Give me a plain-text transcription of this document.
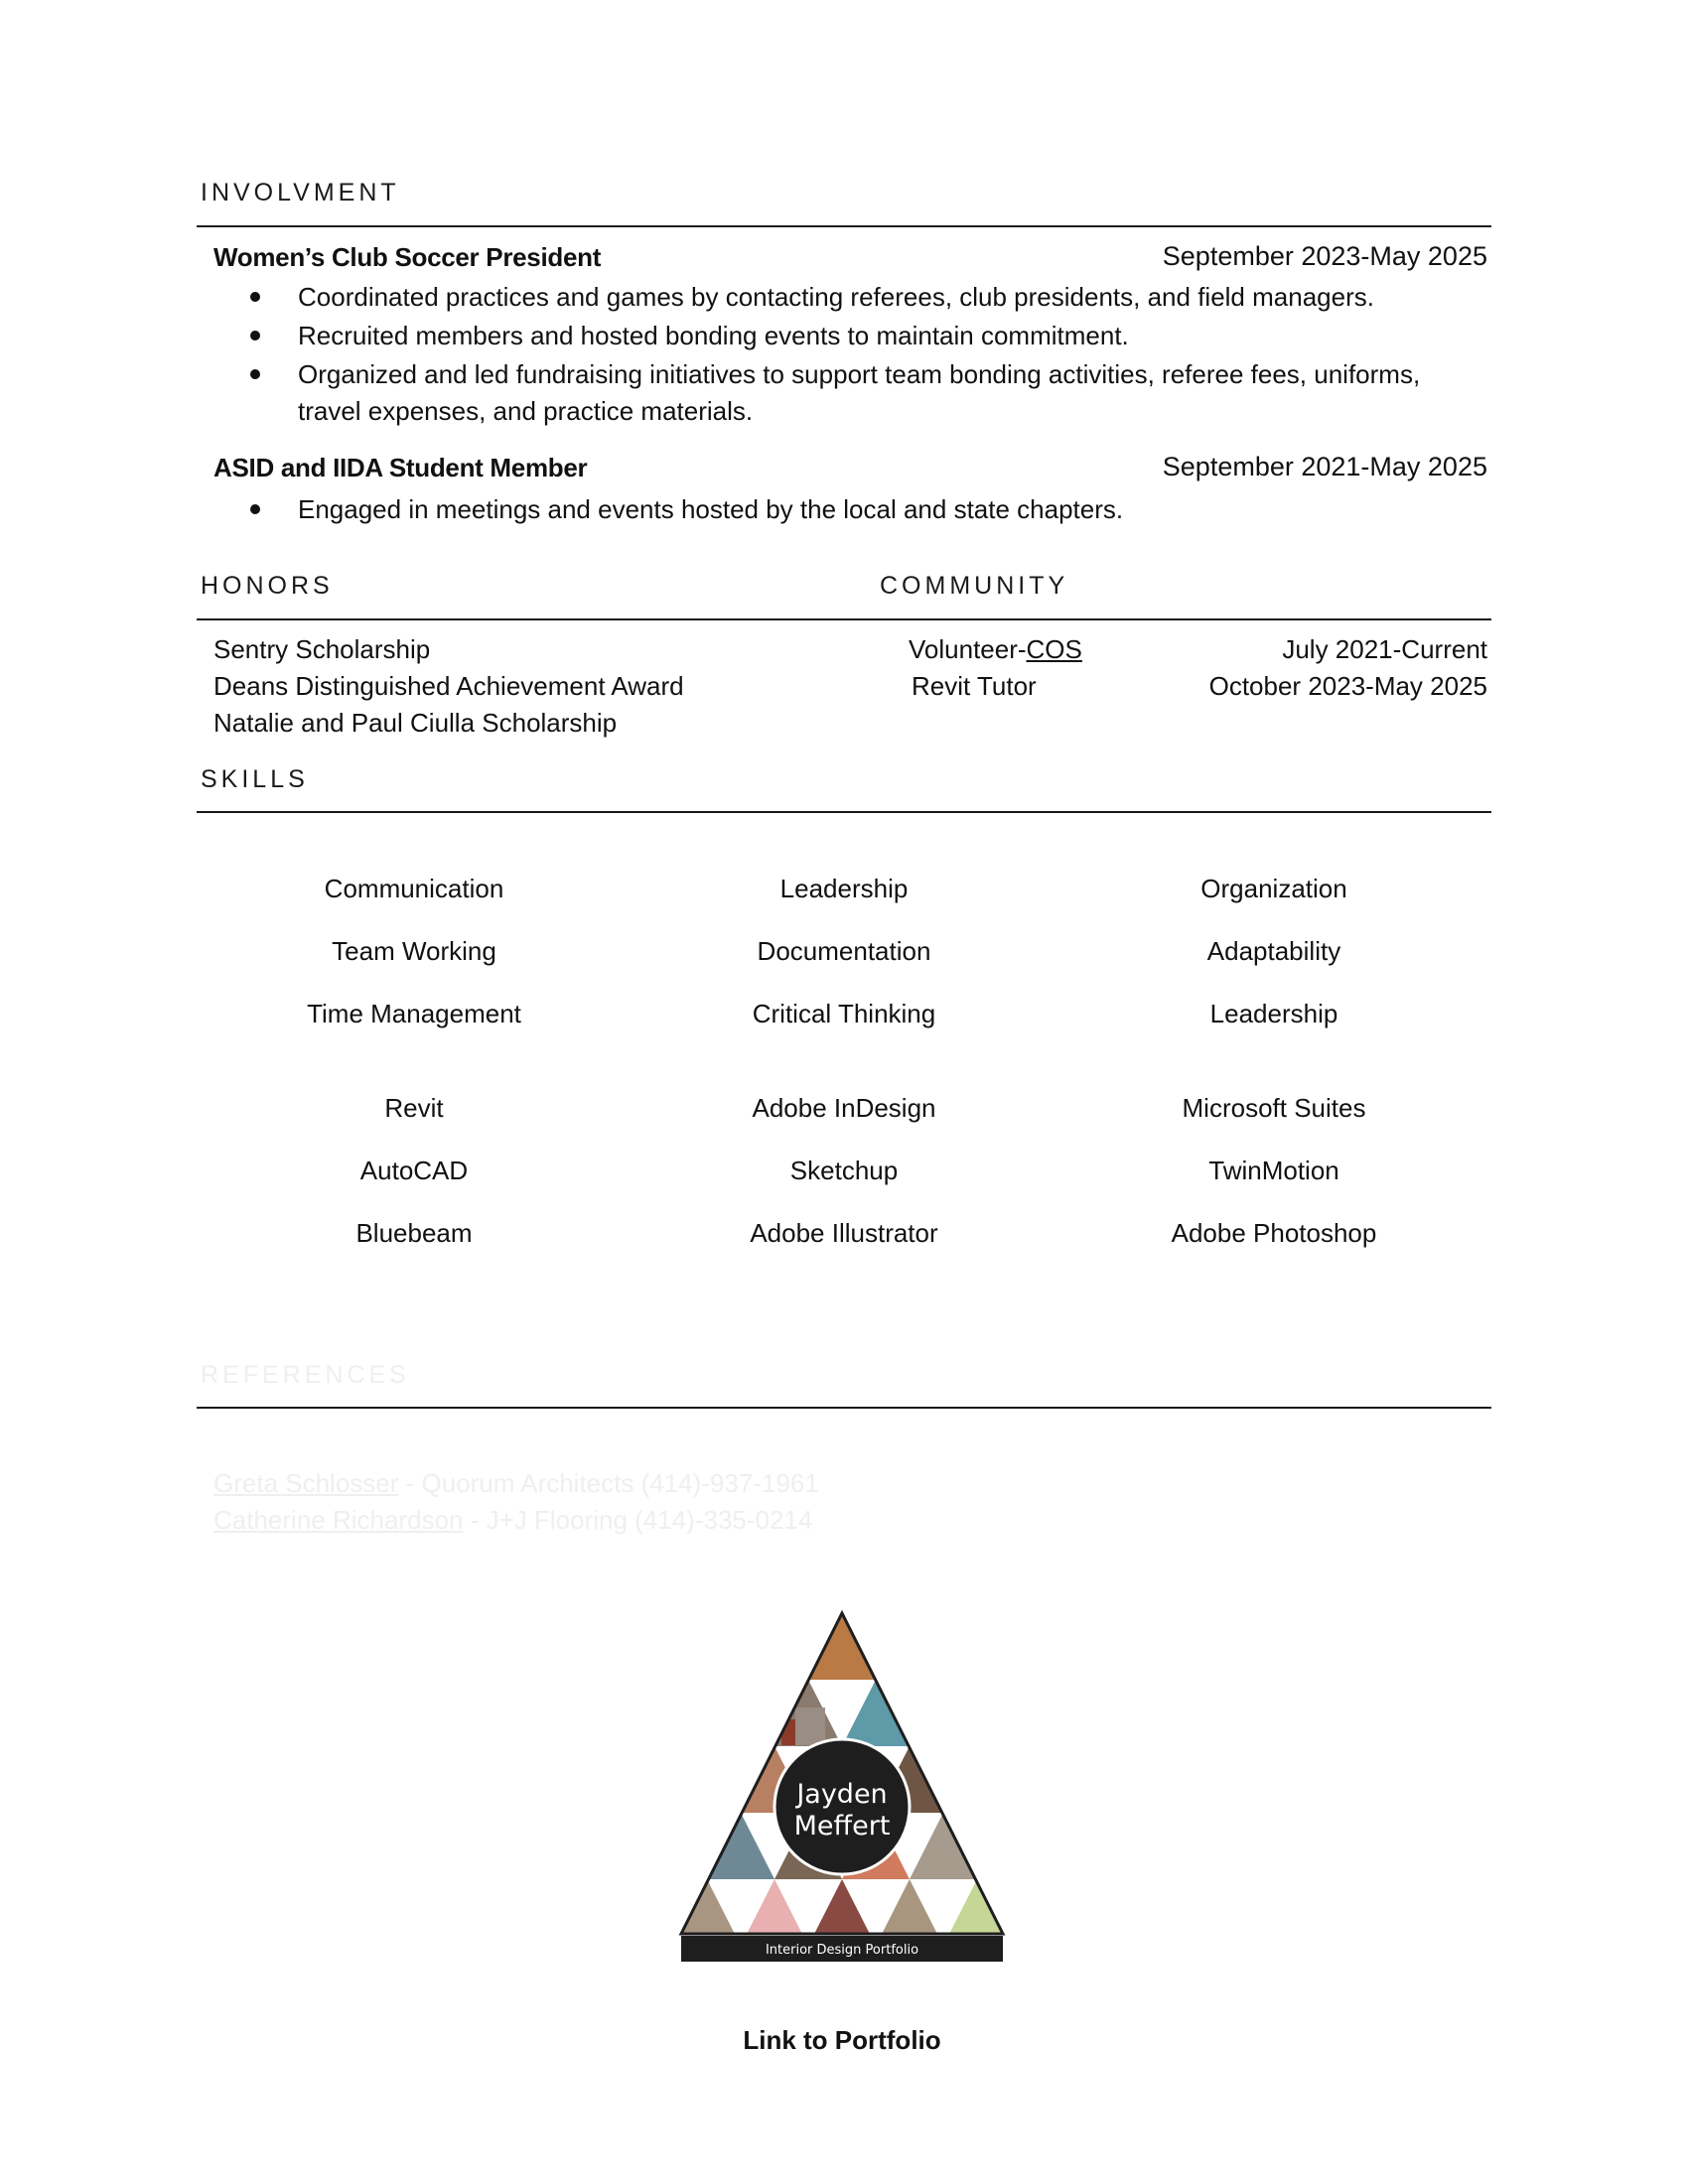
INVOLVMENT
Women’s Club Soccer President	September 2023-May 2025
Coordinated practices and games by contacting referees, club presidents, and field managers.
Recruited members and hosted bonding events to maintain commitment.
Organized and led fundraising initiatives to support team bonding activities, referee fees, uniforms,
travel expenses, and practice materials.
ASID and IIDA Student Member	September 2021-May 2025
Engaged in meetings and events hosted by the local and state chapters.
HONORS	COMMUNITY
Sentry Scholarship
Deans Distinguished Achievement Award
Natalie and Paul Ciulla Scholarship
Volunteer-COS	July 2021-Current
Revit Tutor	October 2023-May 2025
SKILLS
Communication	Leadership	Organization
Team Working	Documentation	Adaptability
Time Management	Critical Thinking	Leadership
Revit	Adobe InDesign	Microsoft Suites
AutoCAD	Sketchup	TwinMotion
Bluebeam	Adobe Illustrator	Adobe Photoshop
REFERENCES
Greta Schlosser - Quorum Architects (414)-937-1961
Catherine Richardson - J+J Flooring (414)-335-0214
Jayden
Meffert
Interior Design Portfolio
Link to Portfolio
